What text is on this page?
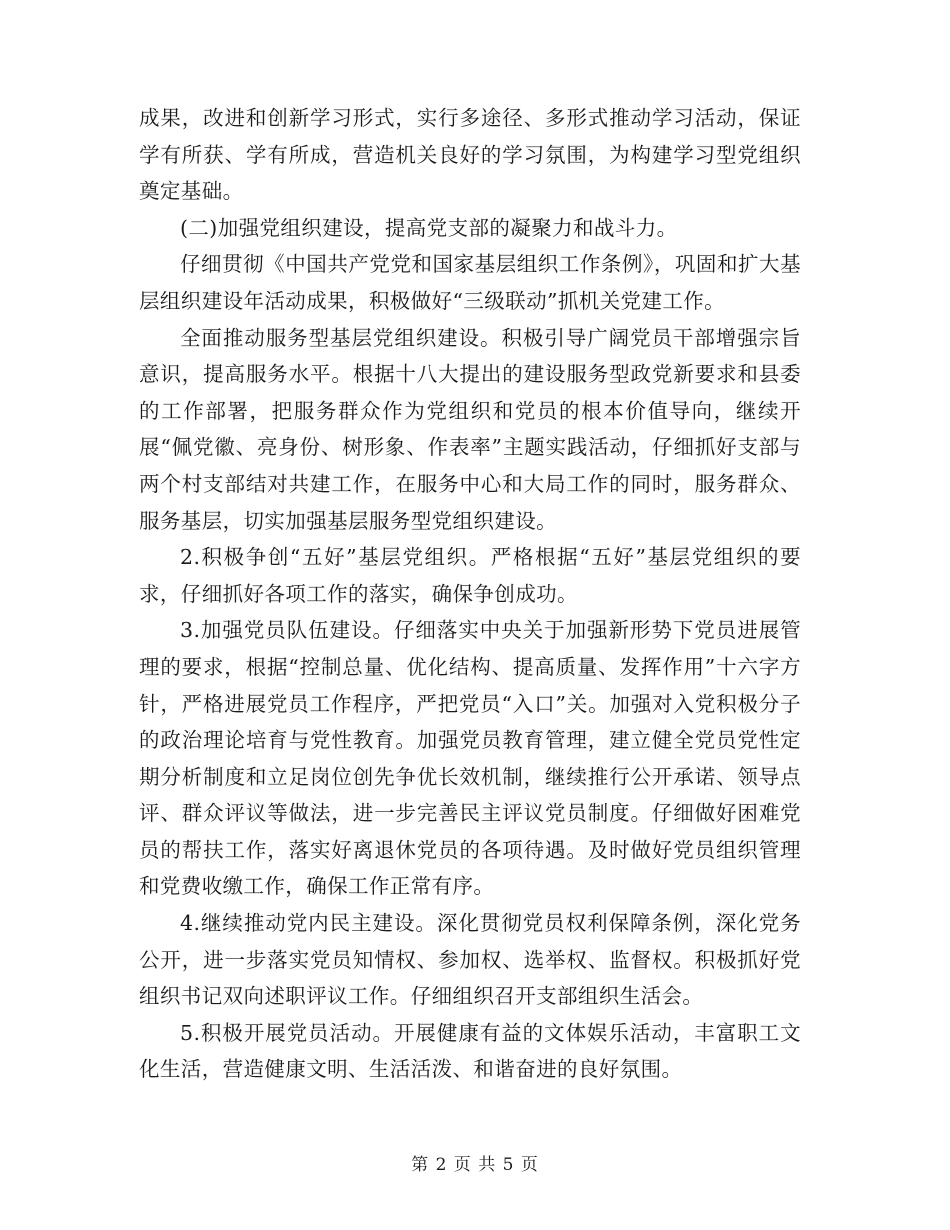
成果，改进和创新学习形式，实行多途径、多形式推动学习活动，保证学有所获、学有所成，营造机关良好的学习氛围，为构建学习型党组织奠定基础。

(二)加强党组织建设，提高党支部的凝聚力和战斗力。

仔细贯彻《中国共产党党和国家基层组织工作条例》，巩固和扩大基层组织建设年活动成果，积极做好“三级联动”抓机关党建工作。

全面推动服务型基层党组织建设。积极引导广阔党员干部增强宗旨意识，提高服务水平。根据十八大提出的建设服务型政党新要求和县委的工作部署，把服务群众作为党组织和党员的根本价值导向，继续开展“佩党徽、亮身份、树形象、作表率”主题实践活动，仔细抓好支部与两个村支部结对共建工作，在服务中心和大局工作的同时，服务群众、服务基层，切实加强基层服务型党组织建设。

2.积极争创“五好”基层党组织。严格根据“五好”基层党组织的要求，仔细抓好各项工作的落实，确保争创成功。

3.加强党员队伍建设。仔细落实中央关于加强新形势下党员进展管理的要求，根据“控制总量、优化结构、提高质量、发挥作用”十六字方针，严格进展党员工作程序，严把党员“入口”关。加强对入党积极分子的政治理论培育与党性教育。加强党员教育管理，建立健全党员党性定期分析制度和立足岗位创先争优长效机制，继续推行公开承诺、领导点评、群众评议等做法，进一步完善民主评议党员制度。仔细做好困难党员的帮扶工作，落实好离退休党员的各项待遇。及时做好党员组织管理和党费收缴工作，确保工作正常有序。

4.继续推动党内民主建设。深化贯彻党员权利保障条例，深化党务公开，进一步落实党员知情权、参加权、选举权、监督权。积极抓好党组织书记双向述职评议工作。仔细组织召开支部组织生活会。

5.积极开展党员活动。开展健康有益的文体娱乐活动，丰富职工文化生活，营造健康文明、生活活泼、和谐奋进的良好氛围。

第 2 页 共 5 页
